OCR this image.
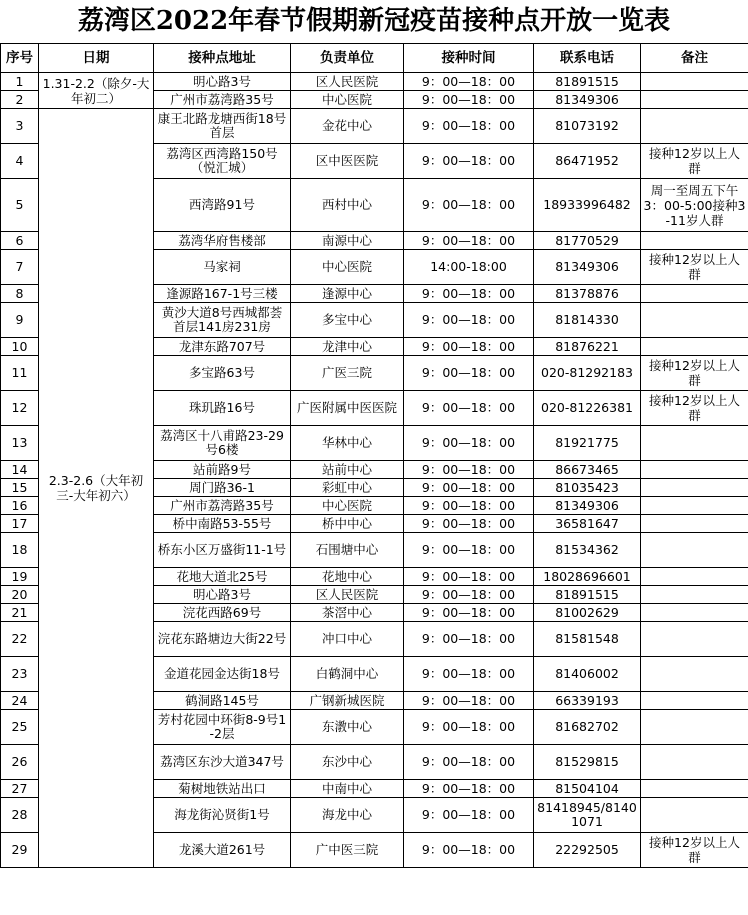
荔湾区2022年春节假期新冠疫苗接种点开放一览表
序号	日期	接种点地址	负责单位	接种时间	联系电话	备注
1	1.31-2.2（除夕-大年初二）	明心路3号	区人民医院	9：00—18：00	81891515	
2		广州市荔湾路35号	中心医院	9：00—18：00	81349306	
3	2.3-2.6（大年初三-大年初六）	康王北路龙塘西街18号首层	金花中心	9：00—18：00	81073192	
4		荔湾区西湾路150号（悦汇城）	区中医医院	9：00—18：00	86471952	接种12岁以上人群
5		西湾路91号	西村中心	9：00—18：00	18933996482	周一至周五下午3：00-5:00接种3-11岁人群
6		荔湾华府售楼部	南源中心	9：00—18：00	81770529	
7		马家祠	中心医院	14:00-18:00	81349306	接种12岁以上人群
8		逢源路167-1号三楼	逢源中心	9：00—18：00	81378876	
9		黄沙大道8号西城都荟首层141房231房	多宝中心	9：00—18：00	81814330	
10		龙津东路707号	龙津中心	9：00—18：00	81876221	
11		多宝路63号	广医三院	9：00—18：00	020-81292183	接种12岁以上人群
12		珠玑路16号	广医附属中医医院	9：00—18：00	020-81226381	接种12岁以上人群
13		荔湾区十八甫路23-29号6楼	华林中心	9：00—18：00	81921775	
14		站前路9号	站前中心	9：00—18：00	86673465	
15		周门路36-1	彩虹中心	9：00—18：00	81035423	
16		广州市荔湾路35号	中心医院	9：00—18：00	81349306	
17		桥中南路53-55号	桥中中心	9：00—18：00	36581647	
18		桥东小区万盛街11-1号	石围塘中心	9：00—18：00	81534362	
19		花地大道北25号	花地中心	9：00—18：00	18028696601	
20		明心路3号	区人民医院	9：00—18：00	81891515	
21		浣花西路69号	茶滘中心	9：00—18：00	81002629	
22		浣花东路塘边大街22号	冲口中心	9：00—18：00	81581548	
23		金道花园金达街18号	白鹤洞中心	9：00—18：00	81406002	
24		鹤洞路145号	广钢新城医院	9：00—18：00	66339193	
25		芳村花园中环街8-9号1-2层	东漖中心	9：00—18：00	81682702	
26		荔湾区东沙大道347号	东沙中心	9：00—18：00	81529815	
27		菊树地铁站出口	中南中心	9：00—18：00	81504104	
28		海龙街沁贤街1号	海龙中心	9：00—18：00	81418945/81401071	
29		龙溪大道261号	广中医三院	9：00—18：00	22292505	接种12岁以上人群
